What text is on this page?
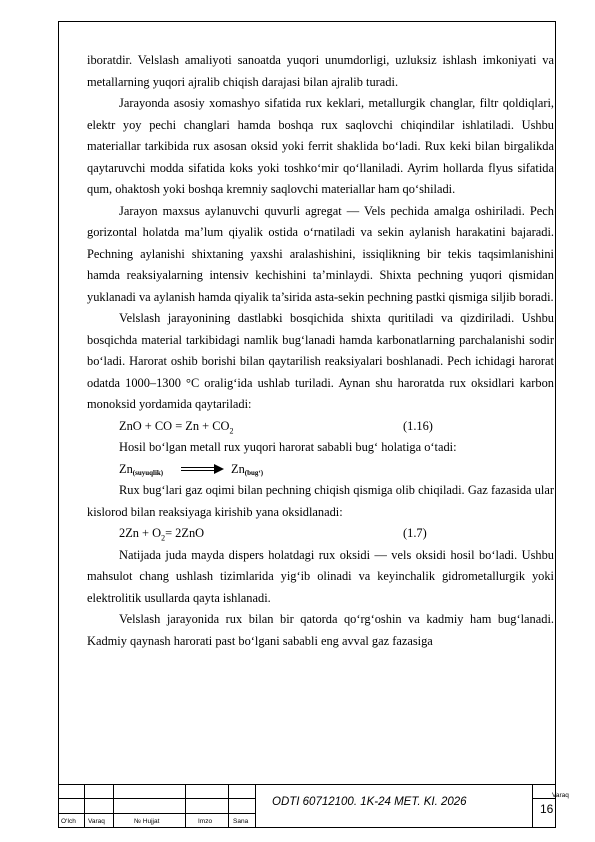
iboratdir. Velslash amaliyoti sanoatda yuqori unumdorligi, uzluksiz ishlash imkoniyati va metallarning yuqori ajralib chiqish darajasi bilan ajralib turadi.

Jarayonda asosiy xomashyo sifatida rux keklari, metallurgik changlar, filtr qoldiqlari, elektr yoy pechi changlari hamda boshqa rux saqlovchi chiqindilar ishlatiladi. Ushbu materiallar tarkibida rux asosan oksid yoki ferrit shaklida bo‘ladi. Rux keki bilan birgalikda qaytaruvchi modda sifatida koks yoki toshko‘mir qo‘llaniladi. Ayrim hollarda flyus sifatida qum, ohaktosh yoki boshqa kremniy saqlovchi materiallar ham qo‘shiladi.

Jarayon maxsus aylanuvchi quvurli agregat — Vels pechida amalga oshiriladi. Pech gorizontal holatda ma’lum qiyalik ostida o‘rnatiladi va sekin aylanish harakatini bajaradi. Pechning aylanishi shixtaning yaxshi aralashishini, issiqlikning bir tekis taqsimlanishini hamda reaksiyalarning intensiv kechishini ta’minlaydi. Shixta pechning yuqori qismidan yuklanadi va aylanish hamda qiyalik ta’sirida asta-sekin pechning pastki qismiga siljib boradi.

Velslash jarayonining dastlabki bosqichida shixta quritiladi va qizdiriladi. Ushbu bosqichda material tarkibidagi namlik bug‘lanadi hamda karbonatlarning parchalanishi sodir bo‘ladi. Harorat oshib borishi bilan qaytarilish reaksiyalari boshlanadi. Pech ichidagi harorat odatda 1000–1300 °C oralig‘ida ushlab turiladi. Aynan shu haroratda rux oksidlari karbon monoksid yordamida qaytariladi:

ZnO + CO = $Zn + CO_2$	(1.16)

Hosil bo‘lgan metall rux yuqori harorat sababli bug‘ holatiga o‘tadi:

Zn(suyuqlik)	Zn(bug‘)

Rux bug‘lari gaz oqimi bilan pechning chiqish qismiga olib chiqiladi. Gaz fazasida ular kislorod bilan reaksiyaga kirishib yana oksidlanadi:

$2Zn + O_2= 2ZnO$	(1.7)

Natijada juda mayda dispers holatdagi rux oksidi — vels oksidi hosil bo‘ladi. Ushbu mahsulot chang ushlash tizimlarida yig‘ib olinadi va keyinchalik gidrometallurgik yoki elektrolitik usullarda qayta ishlanadi.

Velslash jarayonida rux bilan bir qatorda qo‘rg‘oshin va kadmiy ham bug‘lanadi. Kadmiy qaynash harorati past bo‘lgani sababli eng avval gaz fazasiga

Varaq
ODTI 60712100. 1K-24 MET. KI. 2026	16
O‘lch Varaq	№ Hujjat	Imzo	Sana
